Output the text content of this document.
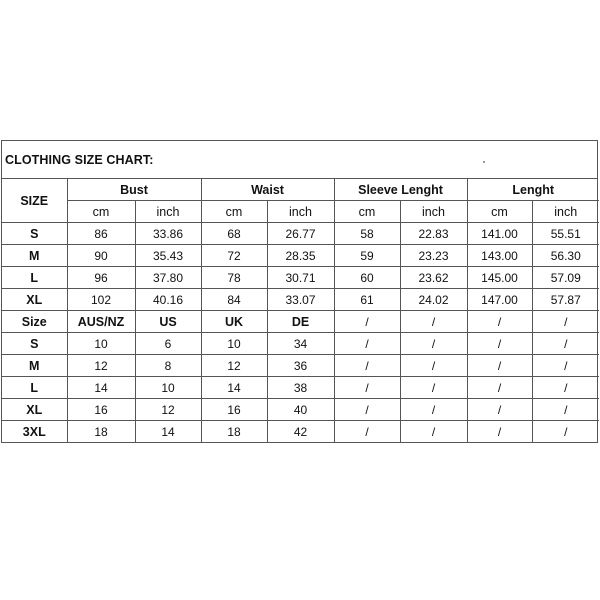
CLOTHING SIZE CHART:
SIZE	Bust		Waist		Sleeve Lenght		Lenght	
	cm	inch	cm	inch	cm	inch	cm	inch
S	86	33.86	68	26.77	58	22.83	141.00	55.51
M	90	35.43	72	28.35	59	23.23	143.00	56.30
L	96	37.80	78	30.71	60	23.62	145.00	57.09
XL	102	40.16	84	33.07	61	24.02	147.00	57.87
Size	AUS/NZ	US	UK	DE	/	/	/	/
S	10	6	10	34	/	/	/	/
M	12	8	12	36	/	/	/	/
L	14	10	14	38	/	/	/	/
XL	16	12	16	40	/	/	/	/
3XL	18	14	18	42	/	/	/	/
